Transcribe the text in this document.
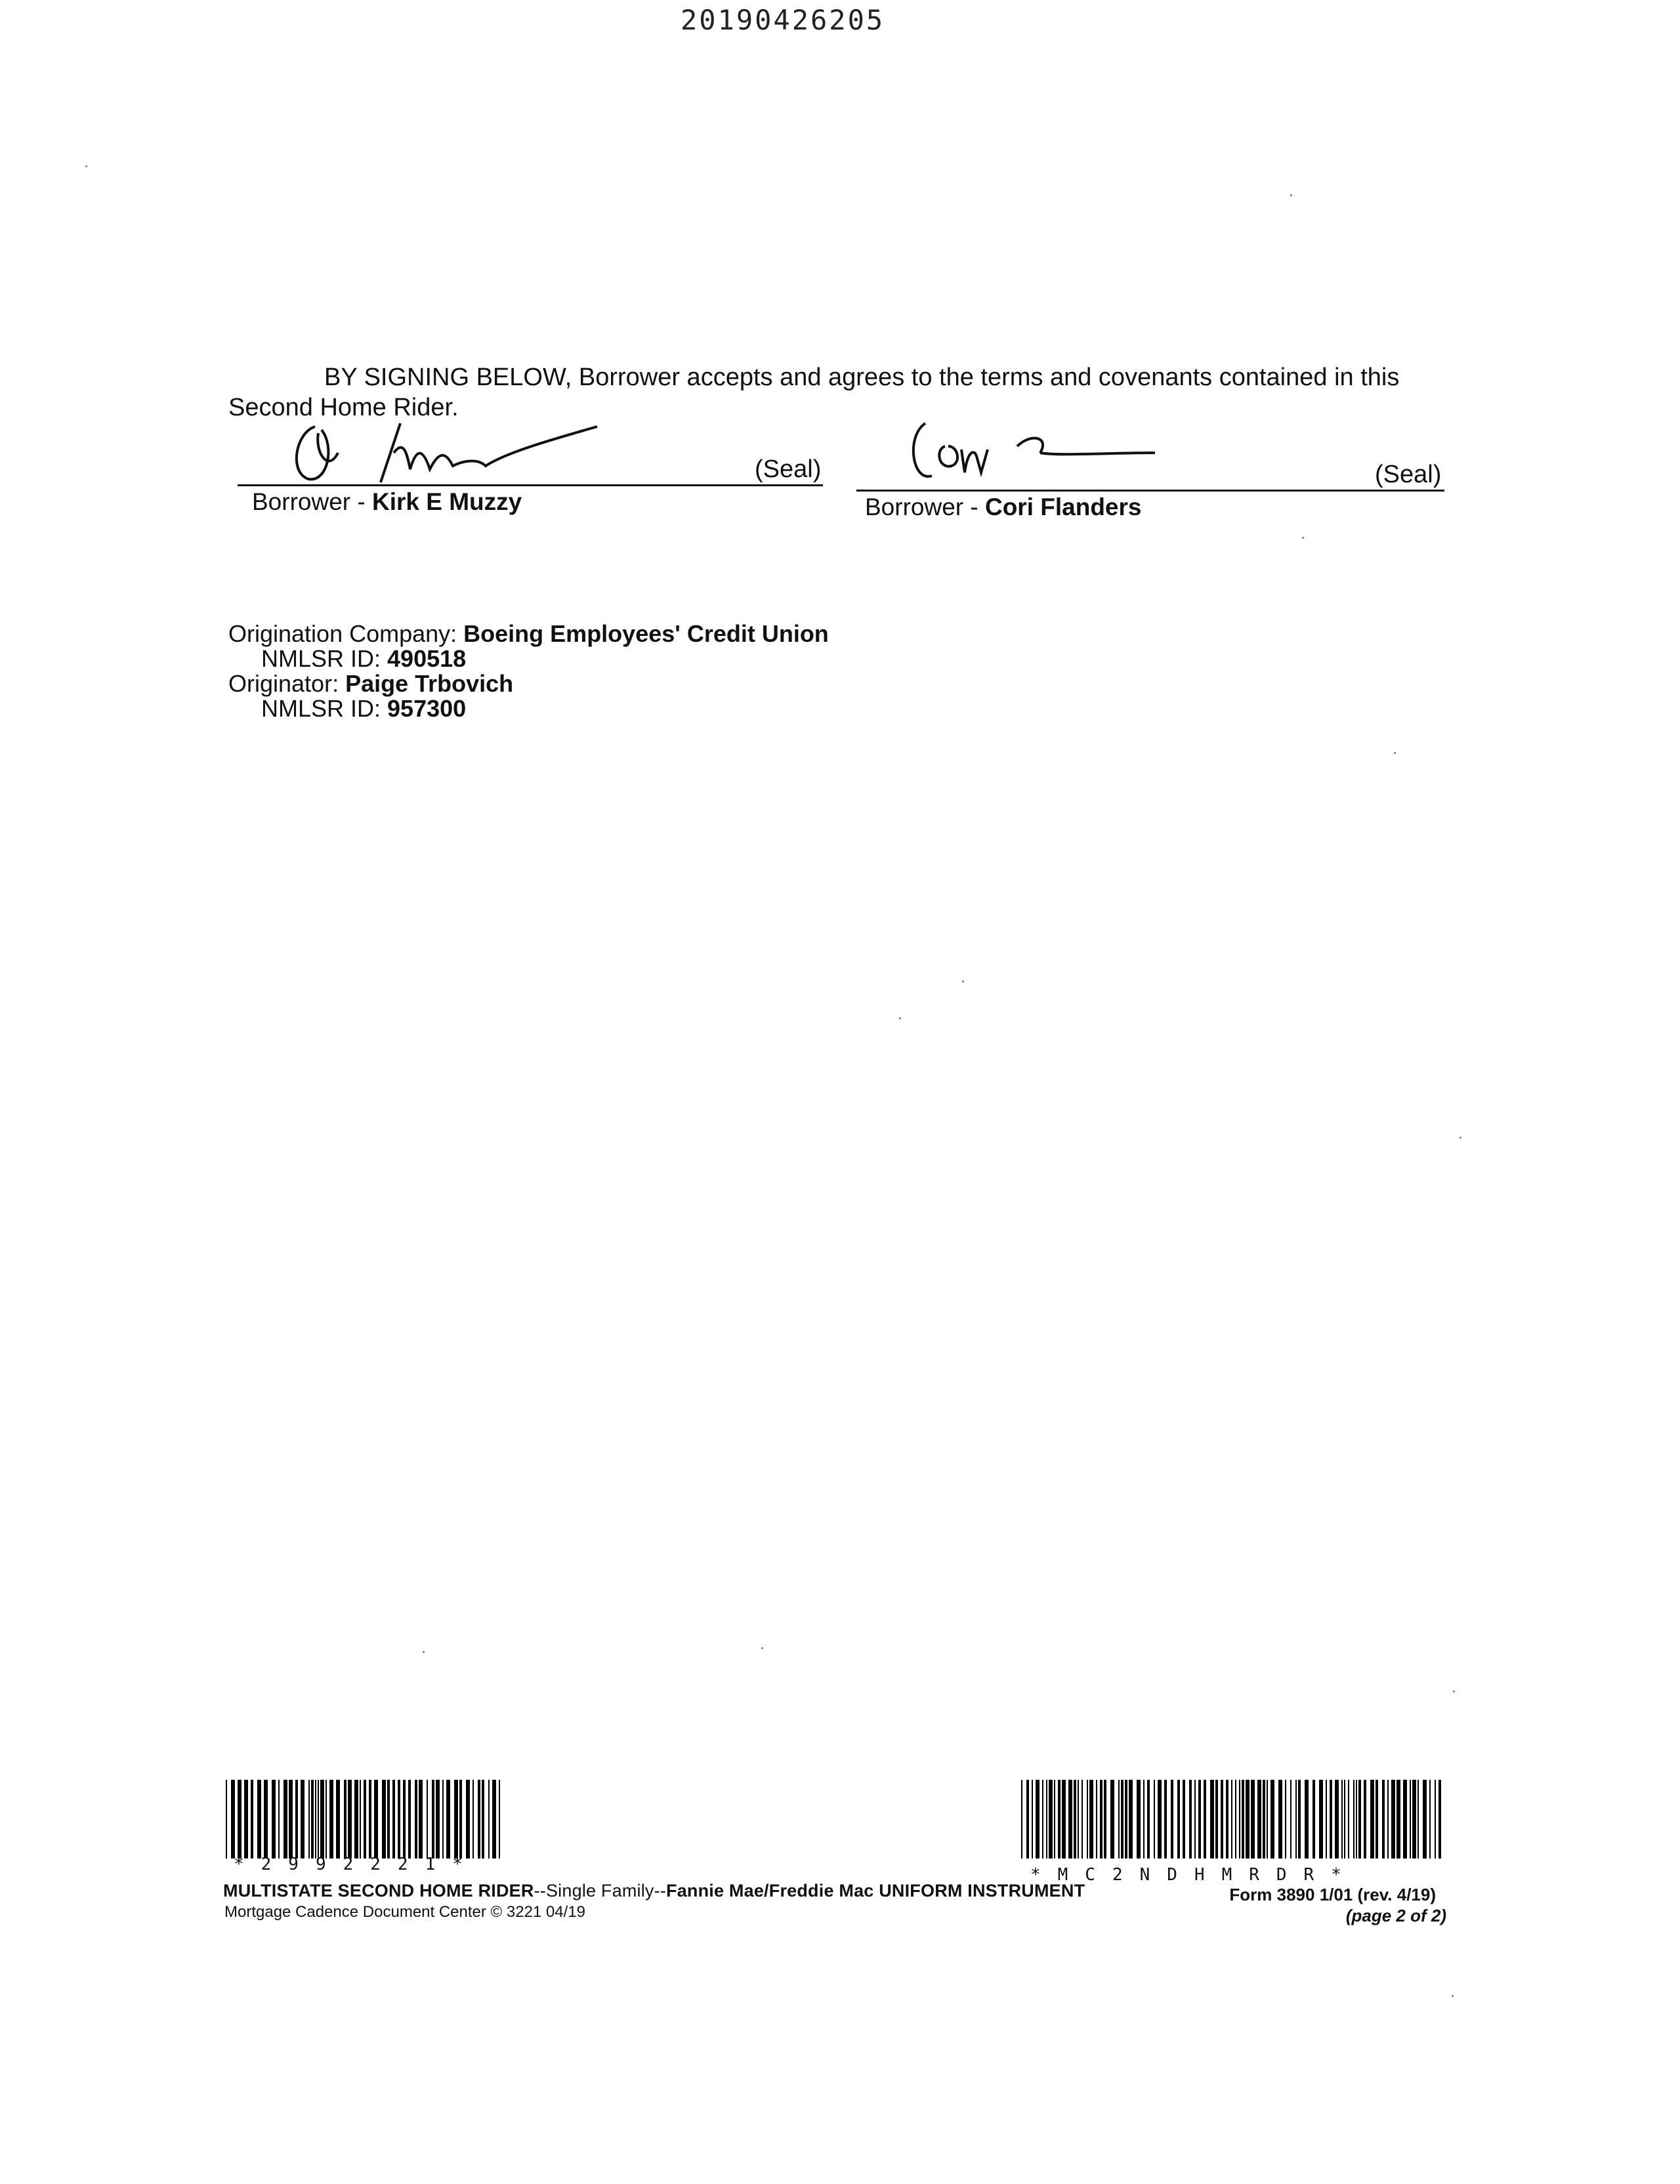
20190426205
BY SIGNING BELOW, Borrower accepts and agrees to the terms and covenants contained in this
Second Home Rider.
(Seal)
Borrower - Kirk E Muzzy
(Seal)
Borrower - Cori Flanders
Origination Company: Boeing Employees' Credit Union
NMLSR ID: 490518
Originator: Paige Trbovich
NMLSR ID: 957300
*2992221*
*MC2NDHMRDR*
MULTISTATE SECOND HOME RIDER--Single Family--Fannie Mae/Freddie Mac UNIFORM INSTRUMENT
Mortgage Cadence Document Center © 3221 04/19
Form 3890 1/01 (rev. 4/19)
(page 2 of 2)
